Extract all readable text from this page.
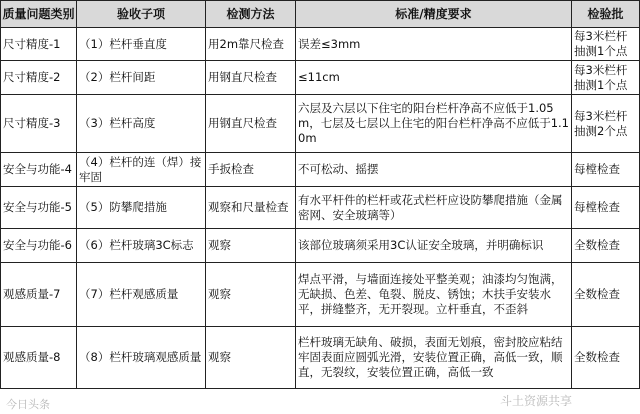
质量问题类别	验收子项	检测方法	标准/精度要求	检验批
尺寸精度-1	（1）栏杆垂直度	用2m靠尺检查	误差≤3mm	每3米栏杆抽测1个点
尺寸精度-2	（2）栏杆间距	用钢直尺检查	≤11cm	每3米栏杆抽测1个点
尺寸精度-3	（3）栏杆高度	用钢直尺检查	六层及六层以下住宅的阳台栏杆净高不应低于1.05m，七层及七层以上住宅的阳台栏杆净高不应低于1.10m	每3米栏杆抽测2个点
安全与功能-4	（4）栏杆的连（焊）接牢固	手扳检查	不可松动、摇摆	每樘检查
安全与功能-5	（5）防攀爬措施	观察和尺量检查	有水平杆件的栏杆或花式栏杆应设防攀爬措施（金属密网、安全玻璃等）	每樘检查
安全与功能-6	（6）栏杆玻璃3C标志	观察	该部位玻璃须采用3C认证安全玻璃，并明确标识	全数检查
观感质量-7	（7）栏杆观感质量	观察	焊点平滑，与墙面连接处平整美观；油漆均匀饱满，无缺损、色差、龟裂、脱皮、锈蚀；木扶手安装水平，拼缝整齐，无开裂现。立杆垂直，不歪斜	全数检查
观感质量-8	（8）栏杆玻璃观感质量	观察	栏杆玻璃无缺角、破损，表面无划痕，密封胶应粘结牢固表面应圆弧光滑，安装位置正确，高低一致，顺直，无裂纹，安装位置正确，高低一致	全数检查
今日头条	斗土资源共享
